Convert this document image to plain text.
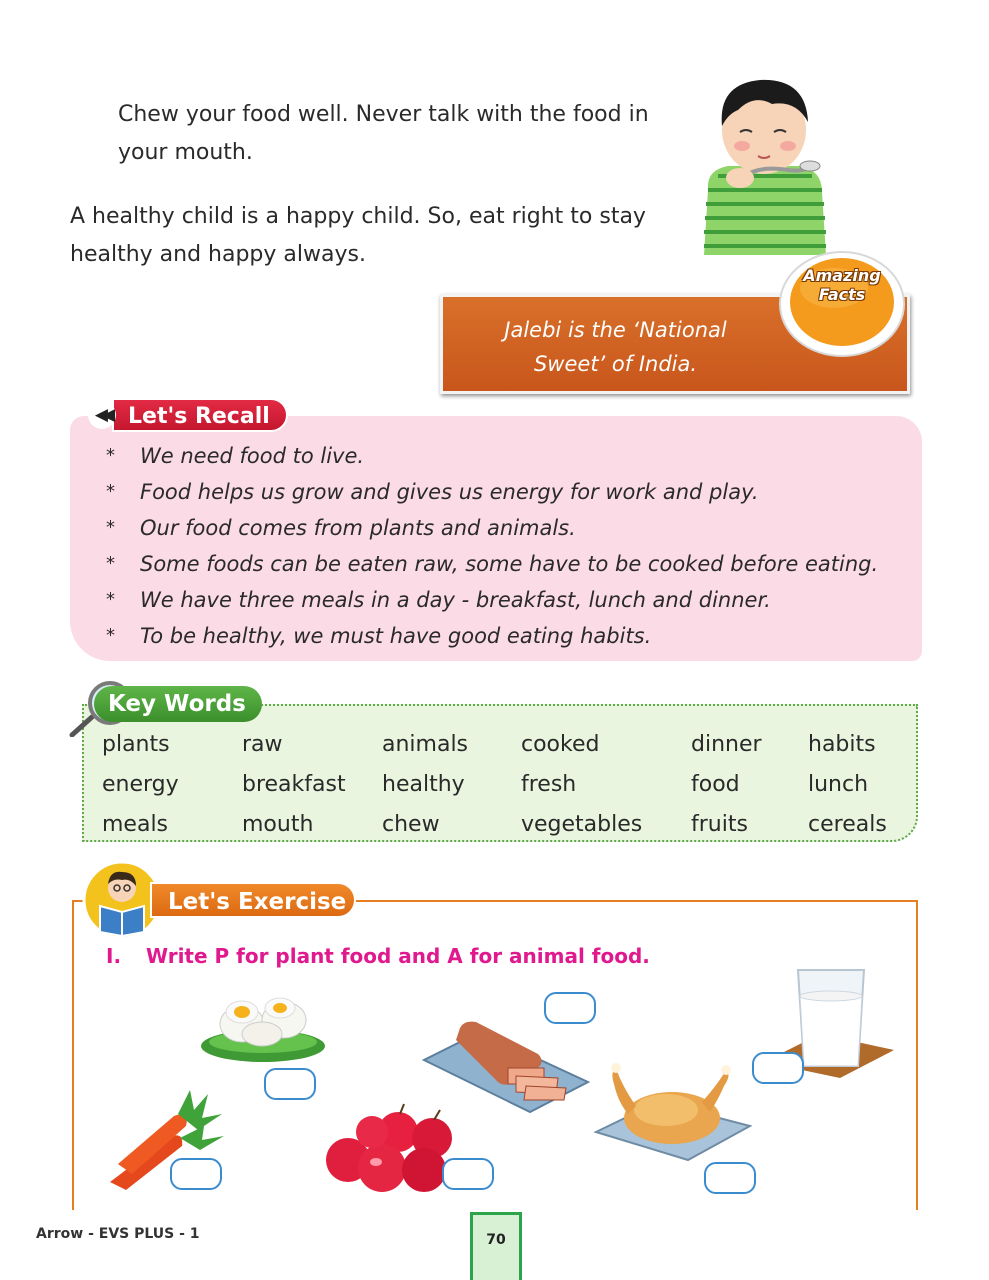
Chew your food well. Never talk with the food in your mouth.

A healthy child is a happy child. So, eat right to stay healthy and happy always.

Jalebi is the ‘National
Sweet’ of India.
Amazing
Facts
◀◀ Let's Recall
*	We need food to live.
*	Food helps us grow and gives us energy for work and play.
*	Our food comes from plants and animals.
*	Some foods can be eaten raw, some have to be cooked before eating.
*	We have three meals in a day - breakfast, lunch and dinner.
*	To be healthy, we must have good eating habits.
Key Words
plants	raw	animals	cooked	dinner	habits
energy	breakfast	healthy	fresh	food	lunch
meals	mouth	chew	vegetables	fruits	cereals
Let's Exercise
I. Write P for plant food and A for animal food.
Arrow - EVS PLUS - 1	70
